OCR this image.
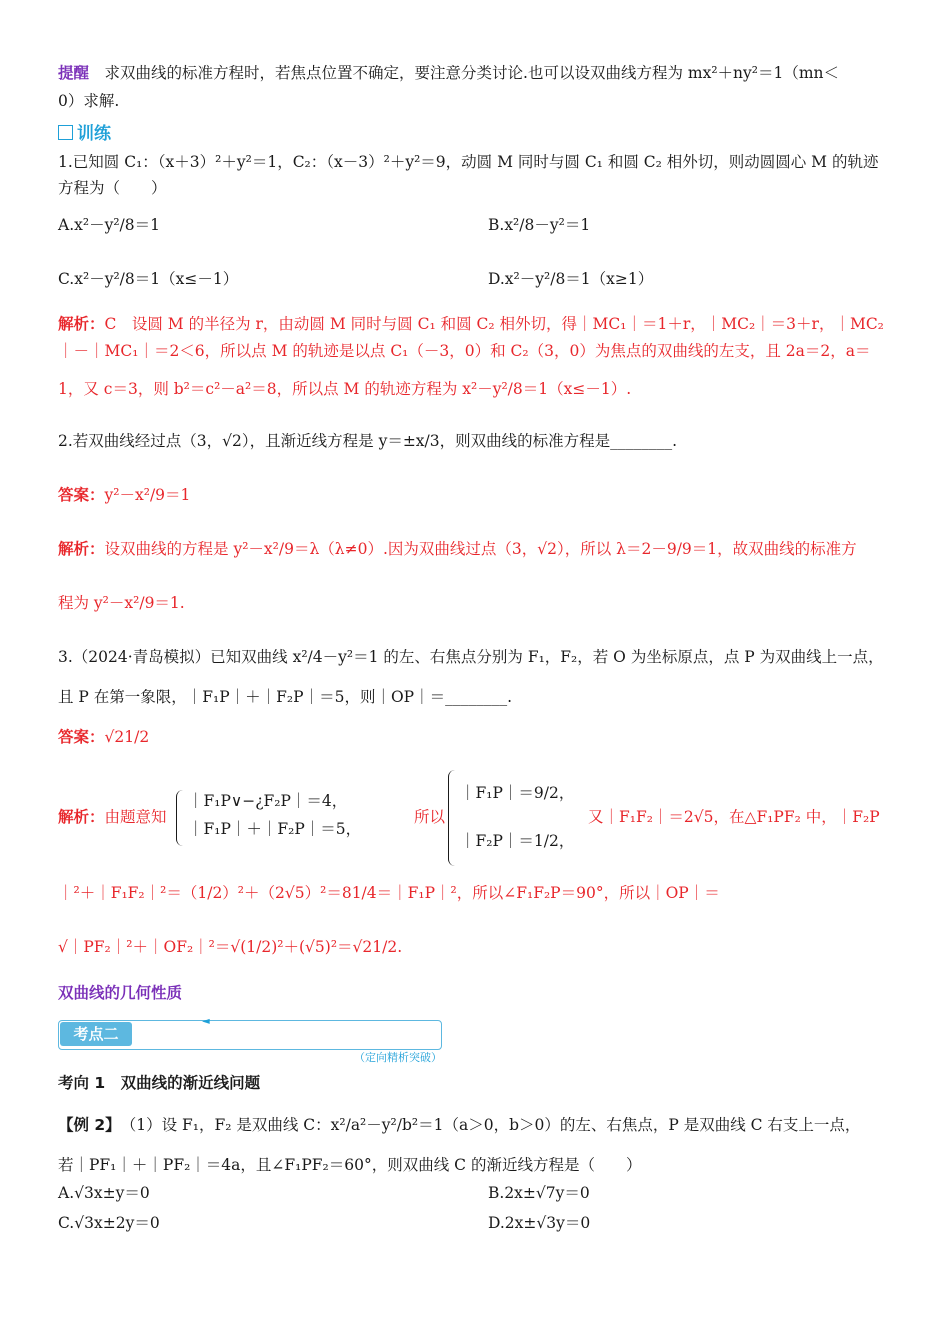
提醒　 求双曲线的标准方程时，若焦点位置不确定，要注意分类讨论.也可以设双曲线方程为 mx²＋ny²＝1（mn＜
0）求解.
训练
1.已知圆 C₁：（x＋3）²＋y²＝1，C₂：（x－3）²＋y²＝9，动圆 M 同时与圆 C₁ 和圆 C₂ 相外切，则动圆圆心 M 的轨迹
方程为（　　）
A.x²－y²/8＝1	B.x²/8－y²＝1
C.x²－y²/8＝1（x≤－1）	D.x²－y²/8＝1（x≥1）
解析：C　设圆 M 的半径为 r，由动圆 M 同时与圆 C₁ 和圆 C₂ 相外切，得｜MC₁｜＝1＋r，｜MC₂｜＝3＋r，｜MC₂
｜－｜MC₁｜＝2＜6，所以点 M 的轨迹是以点 C₁（－3，0）和 C₂（3，0）为焦点的双曲线的左支，且 2a＝2，a＝
1，又 c＝3，则 b²＝c²－a²＝8，所以点 M 的轨迹方程为 x²－y²/8＝1（x≤－1）.
2.若双曲线经过点（3，√2），且渐近线方程是 y＝±x/3，则双曲线的标准方程是________.
答案：y²－x²/9＝1
解析：设双曲线的方程是 y²－x²/9＝λ（λ≠0）.因为双曲线过点（3，√2），所以 λ＝2－9/9＝1，故双曲线的标准方
程为 y²－x²/9＝1.
3.（2024·青岛模拟）已知双曲线 x²/4－y²＝1 的左、右焦点分别为 F₁，F₂，若 O 为坐标原点，点 P 为双曲线上一点，
且 P 在第一象限，｜F₁P｜＋｜F₂P｜＝5，则｜OP｜＝________.
答案：√21/2
解析：由题意知
｜F₁P∨−¿F₂P｜＝4，
｜F₁P｜＋｜F₂P｜＝5，
所以
｜F₁P｜＝9/2，
｜F₂P｜＝1/2，
又｜F₁F₂｜＝2√5，在△F₁PF₂ 中，｜F₂P
｜²＋｜F₁F₂｜²＝（1/2）²＋（2√5）²＝81/4＝｜F₁P｜²，所以∠F₁F₂P＝90°，所以｜OP｜＝
√｜PF₂｜²＋｜OF₂｜²＝√(1/2)²＋(√5)²＝√21/2.
双曲线的几何性质
考点二
◄
（定向精析突破）
考向 1　双曲线的渐近线问题
【例 2】　 （1）设 F₁，F₂ 是双曲线 C：x²/a²－y²/b²＝1（a＞0，b＞0）的左、右焦点，P 是双曲线 C 右支上一点，
若｜PF₁｜＋｜PF₂｜＝4a，且∠F₁PF₂＝60°，则双曲线 C 的渐近线方程是（　　）
A.√3x±y＝0	B.2x±√7y＝0
C.√3x±2y＝0	D.2x±√3y＝0
